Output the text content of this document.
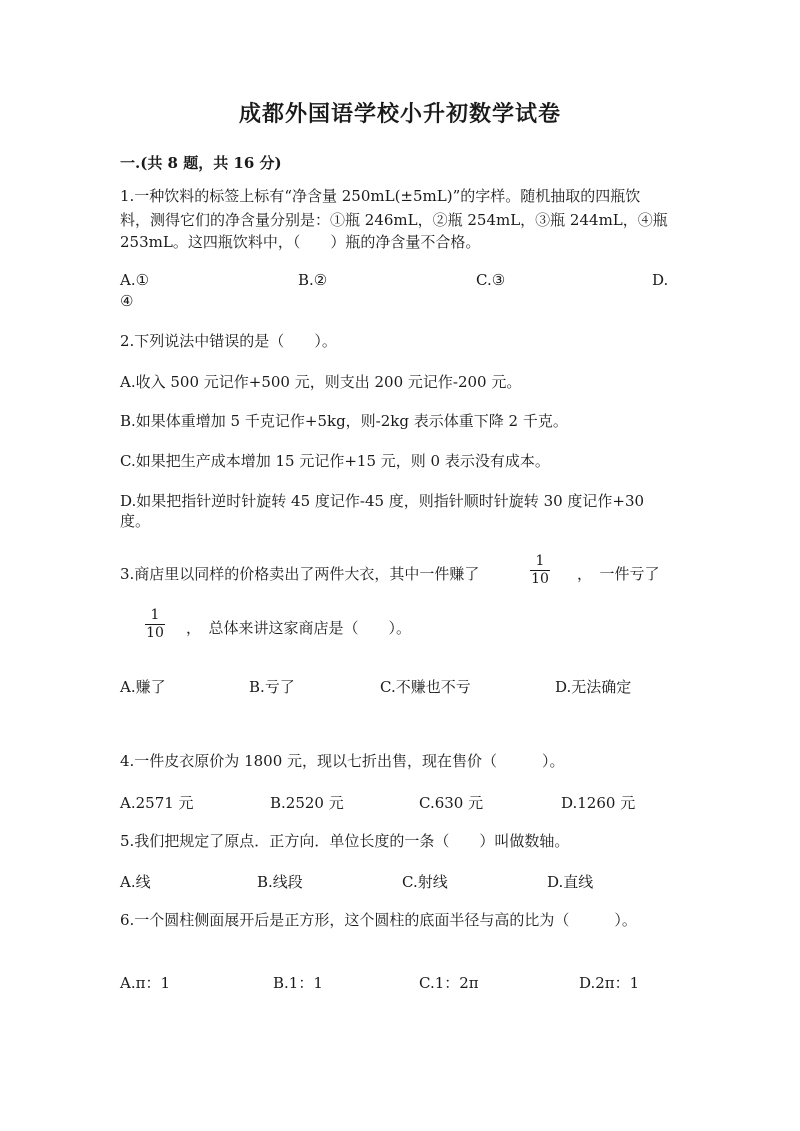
成都外国语学校小升初数学试卷
一.(共 8 题，共 16 分)
1.一种饮料的标签上标有“净含量 250mL(±5mL)”的字样。随机抽取的四瓶饮
料，测得它们的净含量分别是：①瓶 246mL，②瓶 254mL，③瓶 244mL，④瓶
253mL。这四瓶饮料中，（　　）瓶的净含量不合格。
A.①	B.②	C.③	D.
④
2.下列说法中错误的是（　　）。
A.收入 500 元记作+500 元，则支出 200 元记作-200 元。
B.如果体重增加 5 千克记作+5kg，则-2kg 表示体重下降 2 千克。
C.如果把生产成本增加 15 元记作+15 元，则 0 表示没有成本。
D.如果把指针逆时针旋转 45 度记作-45 度，则指针顺时针旋转 30 度记作+30
度。
3.商店里以同样的价格卖出了两件大衣，其中一件赚了
1
10 ，　一件亏了
1
10 ，　总体来讲这家商店是（　　）。
A.赚了	B.亏了	C.不赚也不亏	D.无法确定
4.一件皮衣原价为 1800 元，现以七折出售，现在售价（　　　）。
A.2571 元	B.2520 元	C.630 元	D.1260 元
5.我们把规定了原点．正方向．单位长度的一条（　　）叫做数轴。
A.线	B.线段	C.射线	D.直线
6.一个圆柱侧面展开后是正方形，这个圆柱的底面半径与高的比为（　　　）。
A.π：1	B.1：1	C.1：2π	D.2π：1
